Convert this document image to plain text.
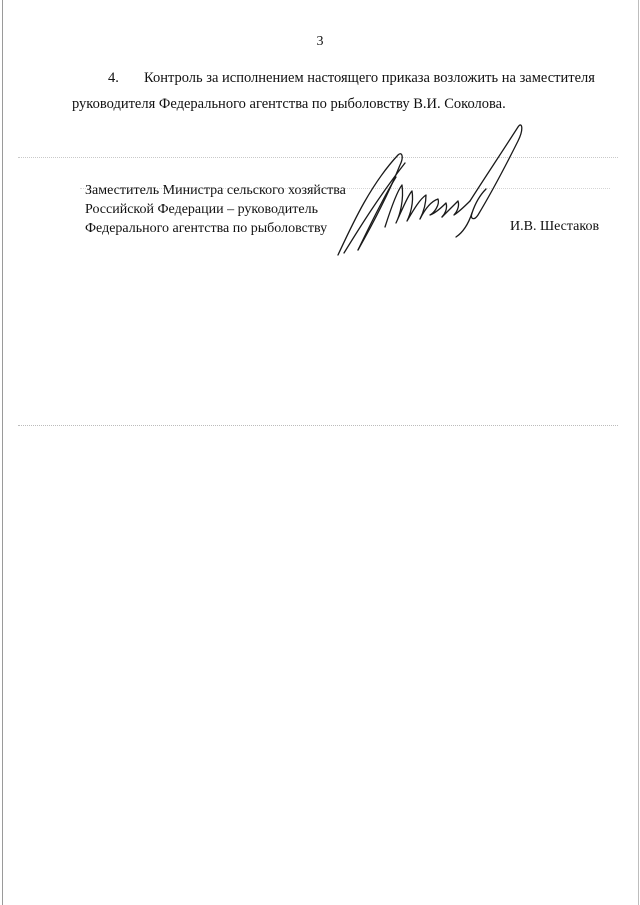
3
4. Контроль за исполнением настоящего приказа возложить на заместителя
руководителя Федерального агентства по рыболовству В.И. Соколова.
Заместитель Министра сельского хозяйства
Российской Федерации – руководитель
Федерального агентства по рыболовству	И.В. Шестаков
